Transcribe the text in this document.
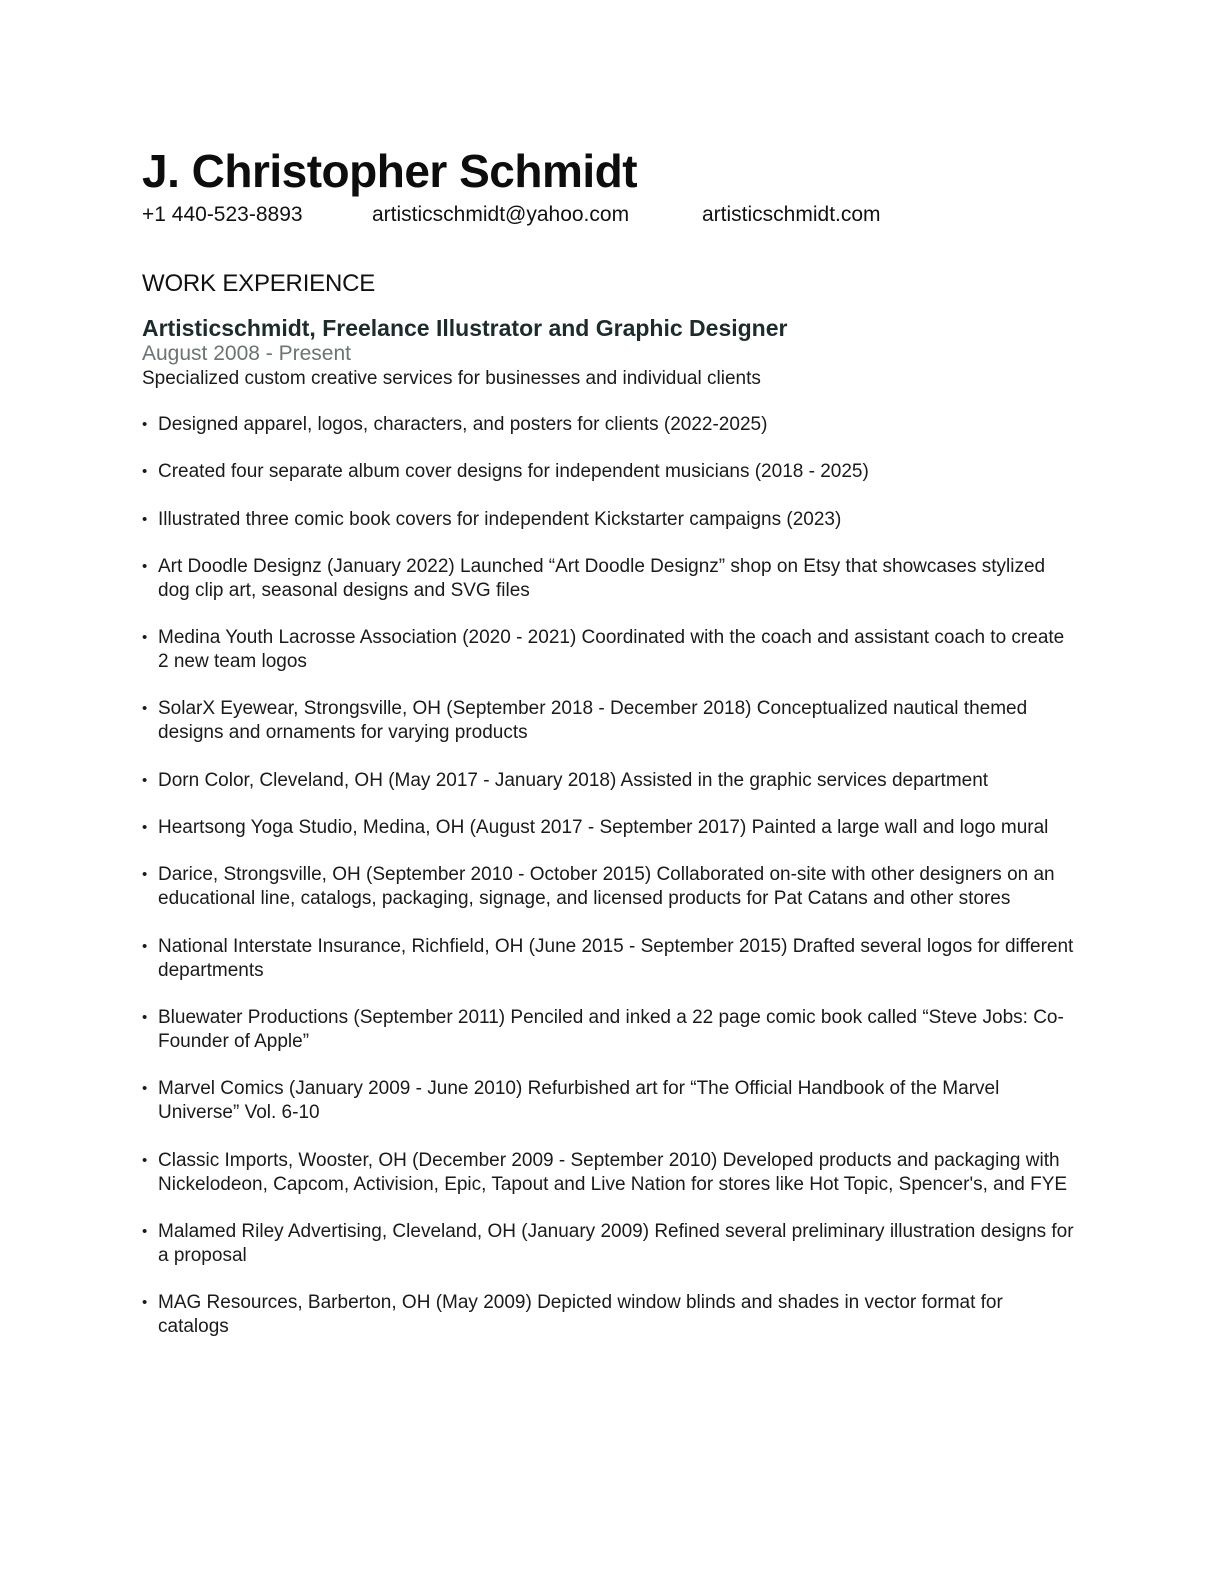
J. Christopher Schmidt
+1 440-523-8893	artisticschmidt@yahoo.com	artisticschmidt.com
WORK EXPERIENCE
Artisticschmidt, Freelance Illustrator and Graphic Designer
August 2008 - Present
Specialized custom creative services for businesses and individual clients
• Designed apparel, logos, characters, and posters for clients (2022-2025)
• Created four separate album cover designs for independent musicians (2018 - 2025)
• Illustrated three comic book covers for independent Kickstarter campaigns (2023)
• Art Doodle Designz (January 2022) Launched “Art Doodle Designz” shop on Etsy that showcases stylized dog clip art, seasonal designs and SVG files
• Medina Youth Lacrosse Association (2020 - 2021) Coordinated with the coach and assistant coach to create 2 new team logos
• SolarX Eyewear, Strongsville, OH (September 2018 - December 2018) Conceptualized nautical themed designs and ornaments for varying products
• Dorn Color, Cleveland, OH (May 2017 - January 2018) Assisted in the graphic services department
• Heartsong Yoga Studio, Medina, OH (August 2017 - September 2017) Painted a large wall and logo mural
• Darice, Strongsville, OH (September 2010 - October 2015) Collaborated on-site with other designers on an educational line, catalogs, packaging, signage, and licensed products for Pat Catans and other stores
• National Interstate Insurance, Richfield, OH (June 2015 - September 2015) Drafted several logos for different departments
• Bluewater Productions (September 2011) Penciled and inked a 22 page comic book called “Steve Jobs: Co-Founder of Apple”
• Marvel Comics (January 2009 - June 2010) Refurbished art for “The Official Handbook of the Marvel Universe” Vol. 6-10
• Classic Imports, Wooster, OH (December 2009 - September 2010) Developed products and packaging with Nickelodeon, Capcom, Activision, Epic, Tapout and Live Nation for stores like Hot Topic, Spencer's, and FYE
• Malamed Riley Advertising, Cleveland, OH (January 2009) Refined several preliminary illustration designs for a proposal
• MAG Resources, Barberton, OH (May 2009) Depicted window blinds and shades in vector format for catalogs
